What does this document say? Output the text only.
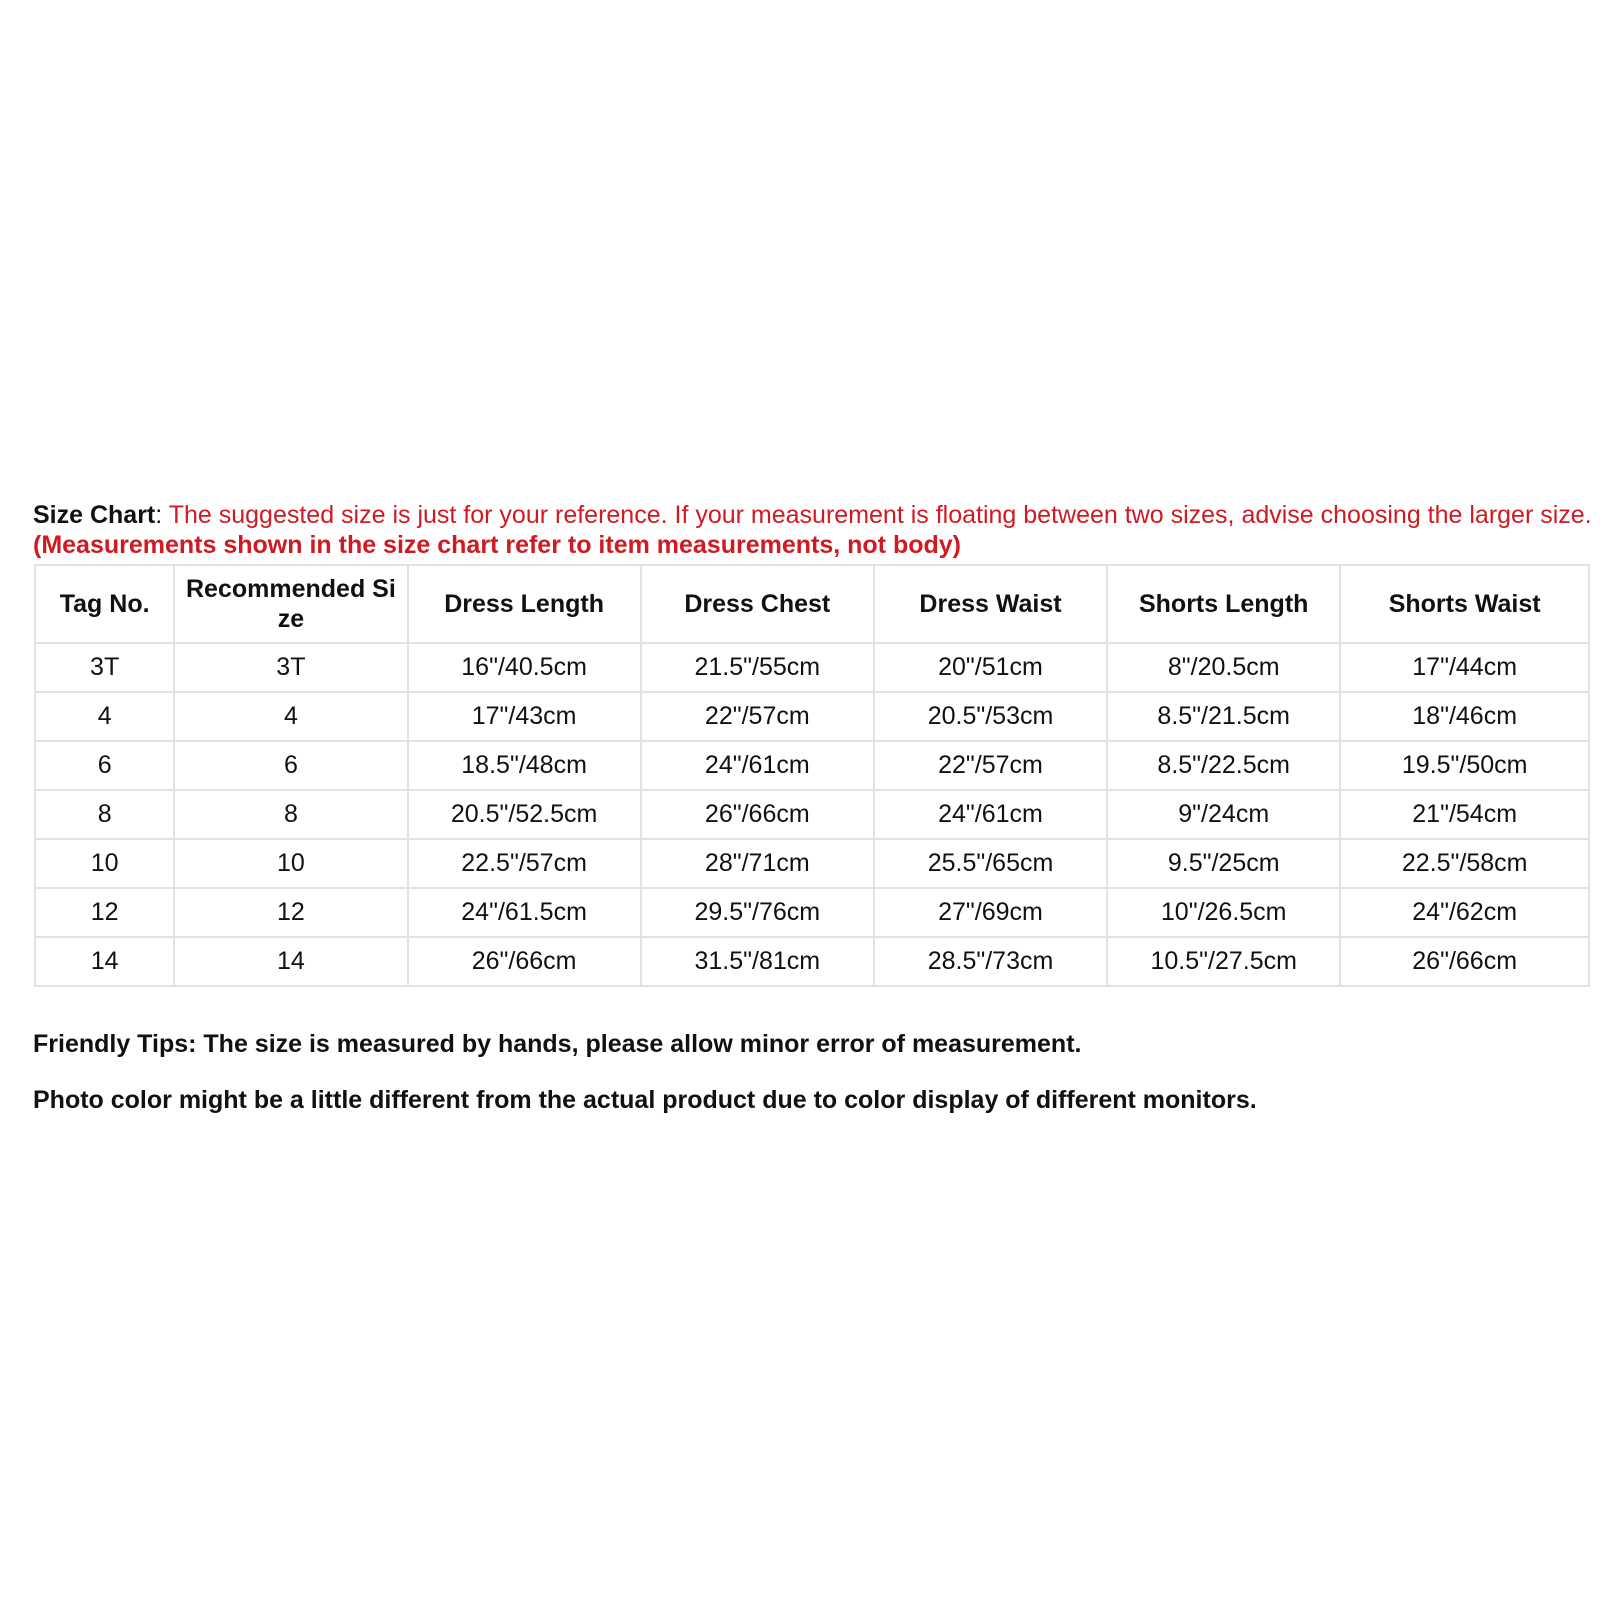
Size Chart: The suggested size is just for your reference. If your measurement is floating between two sizes, advise choosing the larger size. (Measurements shown in the size chart refer to item measurements, not body)
Tag No.	Recommended Si ze	Dress Length	Dress Chest	Dress Waist	Shorts Length	Shorts Waist
3T	3T	16"/40.5cm	21.5"/55cm	20"/51cm	8"/20.5cm	17"/44cm
4	4	17"/43cm	22"/57cm	20.5"/53cm	8.5"/21.5cm	18"/46cm
6	6	18.5"/48cm	24"/61cm	22"/57cm	8.5"/22.5cm	19.5"/50cm
8	8	20.5"/52.5cm	26"/66cm	24"/61cm	9"/24cm	21"/54cm
10	10	22.5"/57cm	28"/71cm	25.5"/65cm	9.5"/25cm	22.5"/58cm
12	12	24"/61.5cm	29.5"/76cm	27"/69cm	10"/26.5cm	24"/62cm
14	14	26"/66cm	31.5"/81cm	28.5"/73cm	10.5"/27.5cm	26"/66cm

Friendly Tips: The size is measured by hands, please allow minor error of measurement.

Photo color might be a little different from the actual product due to color display of different monitors.
